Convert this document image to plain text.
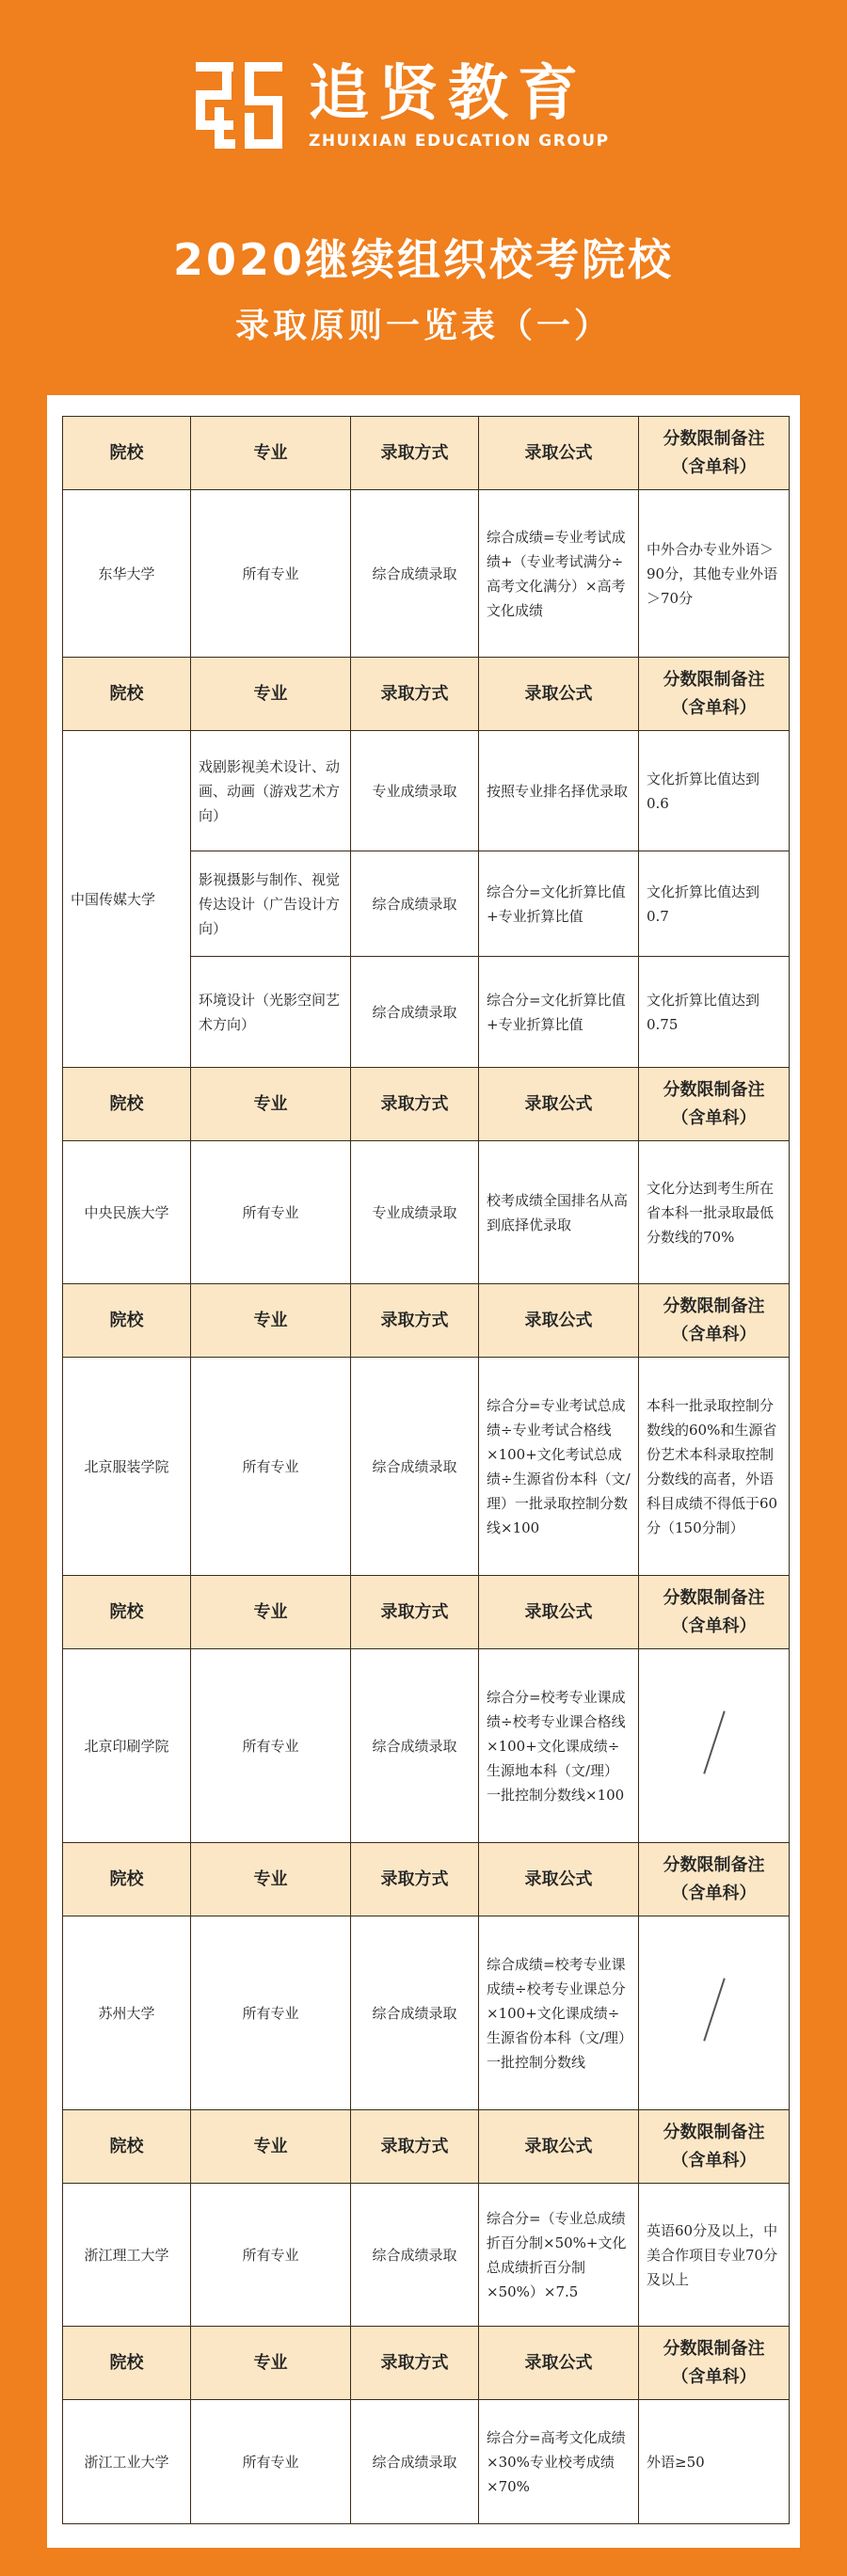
追贤教育
ZHUIXIAN EDUCATION GROUP
2020继续组织校考院校
录取原则一览表（一）
院校	专业	录取方式	录取公式	分数限制备注
（含单科）

东华大学	所有专业	综合成绩录取	综合成绩=专业考试成绩+（专业考试满分÷高考文化满分）×高考文化成绩	中外合办专业外语＞90分，其他专业外语＞70分
院校	专业	录取方式	录取公式	分数限制备注
（含单科）

中国传媒大学	戏剧影视美术设计、动画、动画（游戏艺术方向）	专业成绩录取	按照专业排名择优录取	文化折算比值达到0.6
	影视摄影与制作、视觉传达设计（广告设计方向）	综合成绩录取	综合分=文化折算比值+专业折算比值	文化折算比值达到0.7
	环境设计（光影空间艺术方向）	综合成绩录取	综合分=文化折算比值+专业折算比值	文化折算比值达到0.75
院校	专业	录取方式	录取公式	分数限制备注
（含单科）

中央民族大学	所有专业	专业成绩录取	校考成绩全国排名从高到底择优录取	文化分达到考生所在省本科一批录取最低分数线的70%
院校	专业	录取方式	录取公式	分数限制备注
（含单科）

北京服装学院	所有专业	综合成绩录取	综合分=专业考试总成绩÷专业考试合格线×100+文化考试总成绩÷生源省份本科（文/理）一批录取控制分数线×100	本科一批录取控制分数线的60%和生源省份艺术本科录取控制分数线的高者，外语科目成绩不得低于60分（150分制）
院校	专业	录取方式	录取公式	分数限制备注
（含单科）

北京印刷学院	所有专业	综合成绩录取	综合分=校考专业课成绩÷校考专业课合格线×100+文化课成绩÷生源地本科（文/理）一批控制分数线×100	
院校	专业	录取方式	录取公式	分数限制备注
（含单科）

苏州大学	所有专业	综合成绩录取	综合成绩=校考专业课成绩÷校考专业课总分×100+文化课成绩÷生源省份本科（文/理）一批控制分数线	
院校	专业	录取方式	录取公式	分数限制备注
（含单科）

浙江理工大学	所有专业	综合成绩录取	综合分=（专业总成绩折百分制×50%+文化总成绩折百分制×50%）×7.5	英语60分及以上，中美合作项目专业70分及以上
院校	专业	录取方式	录取公式	分数限制备注
（含单科）

浙江工业大学	所有专业	综合成绩录取	综合分=高考文化成绩×30%专业校考成绩×70%	外语≥50
